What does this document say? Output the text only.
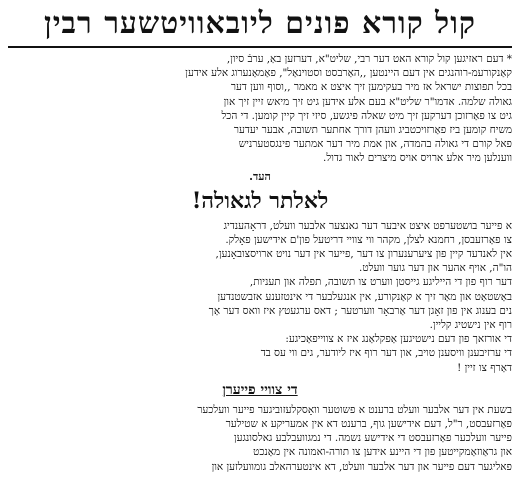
קול קורא פונים ליובאוויטשער רבין
* דעם ראזיגען קול קורא האט דער רבי, שליט"א, דערזען באַ, ערבֿ סיון,
קאַנקורעמ-רוהנגים אין דעם היינטען ,,האַרבסט וסטוינאַל", פאַמאַנערוג אלע אידען
בכל תפוצות ישראל אז מיר בעקימען זיך איצט א מאמר ,,וסוף ווען דער
גאולה שלמה. אדמו"ר שליט"א בעם אלע אידען גיט זיך מיאש זיין זיך און
גיט צו פאַרזוכן דערקען זיך מיט שאלה פיגשע, סיזי זיך קיין קומען. די הכל
משיח קומען ביז פאַרזויכטביג וועהן דורך אחתער תשובה, אבער יעדער
פאל קורם די גאולה בהמדה, און אמת מיר דער אמתער פינגסטערניש
ווענלען מיר אלע ארויס אויס מיצרים לאור גדול.
העד.
לאלתר לגאולה!
א פייער בושטערפט איצט איבער דער גאנצער אלבער וועלט, דראָהענדיג
צו פאַרזעבסן, רחמנא לצלן, מקהר ווי צוויי דריטעל פון'ם אידישען פאָלק.
אין לאנדעד קיין פון ציערענערון צו דער ,פייער אין דער נויט ארויסצובאָנען,
הו"ה, אויף אהער און דער גוער וועלט.
דער רוף פון די הייליגע גייסטן ווערט צו תשובה, תפלה און תעניות,
באַשטאַט און מאַר זיך א קאַנקורע, אין אנגעלבער די אינטזענע אזבשטנדען
נים בענוג אין פון זאָגן דער אַרבאָר ווערטער ; דאס ערגעטץ איז וואס דער אַך
רוף אין נישטיג קליין.
די אורזאך פון דעם נישטיגען אַפקלאַנג איז א צווייפאַכיגע:
די ערזיבענן וויסענן טויב, און דער רוף איז ליודער, גים ווי עס בד
דאַרף צו זיין !
די צוויי פייערן
בשעת אין דער אלבער וועלט ברענט א פשוטער וואָסקלעזוביגער פייער וועלכער
פאַרזעבסט, ר"ל, דעם אידישען גוף, ברענט דא אין אמעריקע א שטילער
פייער וועלכער פאַרזעבסט די אידישע נשמה. די נמגוועבלבע גאלסונגען
און גראַוזאַמקייטען פון די היינע אידען צו תורה-ואמונה אין מאַנכט
פאליגער דעם פייער און דער אלבער וועלט, דא אינטערהאלב גומוועלזען און
